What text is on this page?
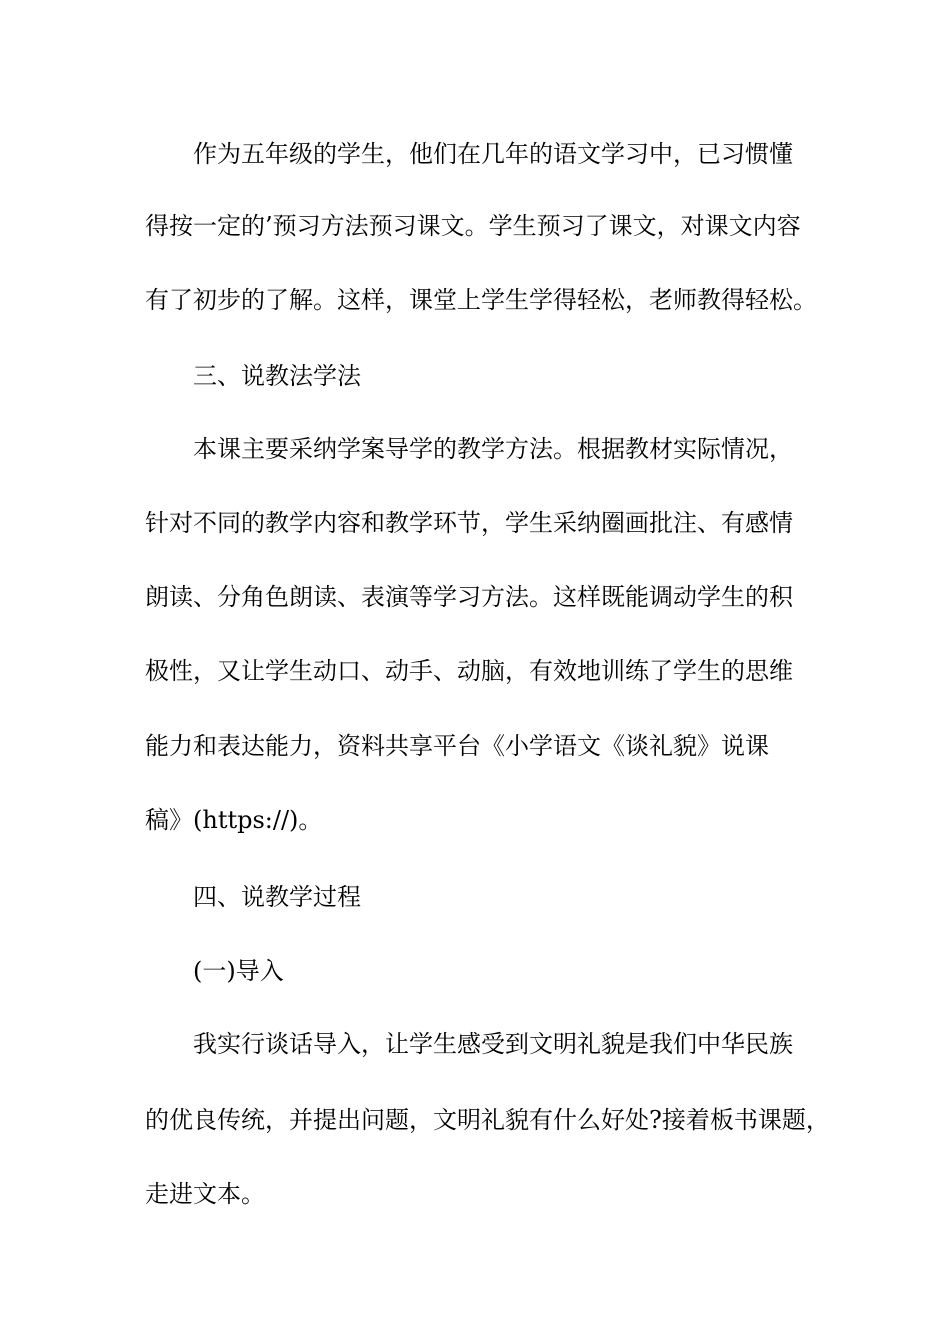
作为五年级的学生，他们在几年的语文学习中，已习惯懂
得按一定的’预习方法预习课文。学生预习了课文，对课文内容
有了初步的了解。这样，课堂上学生学得轻松，老师教得轻松。
三、说教法学法
本课主要采纳学案导学的教学方法。根据教材实际情况，
针对不同的教学内容和教学环节，学生采纳圈画批注、有感情
朗读、分角色朗读、表演等学习方法。这样既能调动学生的积
极性，又让学生动口、动手、动脑，有效地训练了学生的思维
能力和表达能力，资料共享平台《小学语文《谈礼貌》说课
稿》(https://)。
四、说教学过程
(一)导入
我实行谈话导入，让学生感受到文明礼貌是我们中华民族
的优良传统，并提出问题，文明礼貌有什么好处?接着板书课题，
走进文本。
